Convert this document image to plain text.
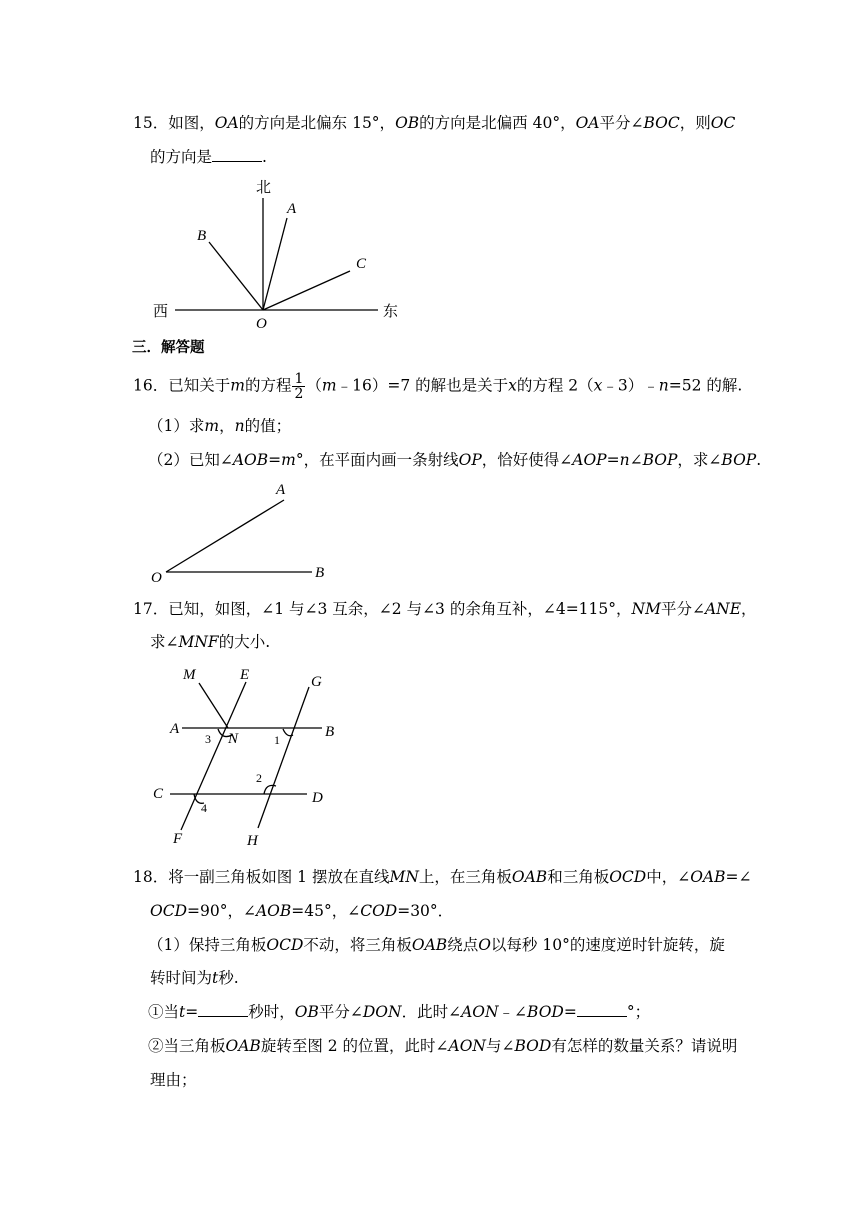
15．如图，OA的方向是北偏东 15°，OB的方向是北偏西 40°，OA平分∠BOC，则OC
的方向是	.
北
西	东
O
A
B
C
三．解答题
16．已知关于m的方程 $\frac{1}{2}$ （m﹣16）=7 的解也是关于x的方程 2（x﹣3）﹣n=52 的解.
（1）求m，n的值；
（2）已知∠AOB=m°，在平面内画一条射线OP，恰好使得∠AOP=n∠BOP，求∠BOP.
A
O	B
17．已知，如图，∠1 与∠3 互余，∠2 与∠3 的余角互补，∠4=115°，NM平分∠ANE，
求∠MNF的大小.
M	E	G
A
N	B
C	D
F	H
3	1
2
4
18．将一副三角板如图 1 摆放在直线MN上，在三角板OAB和三角板OCD中，∠OAB=∠
OCD=90°，∠AOB=45°，∠COD=30°．
（1）保持三角板OCD不动，将三角板OAB绕点O以每秒 10°的速度逆时针旋转，旋
转时间为t秒.
①当t=	秒时，OB平分∠DON．此时∠AON﹣∠BOD=	°；
②当三角板OAB旋转至图 2 的位置，此时∠AON与∠BOD有怎样的数量关系？请说明
理由；
